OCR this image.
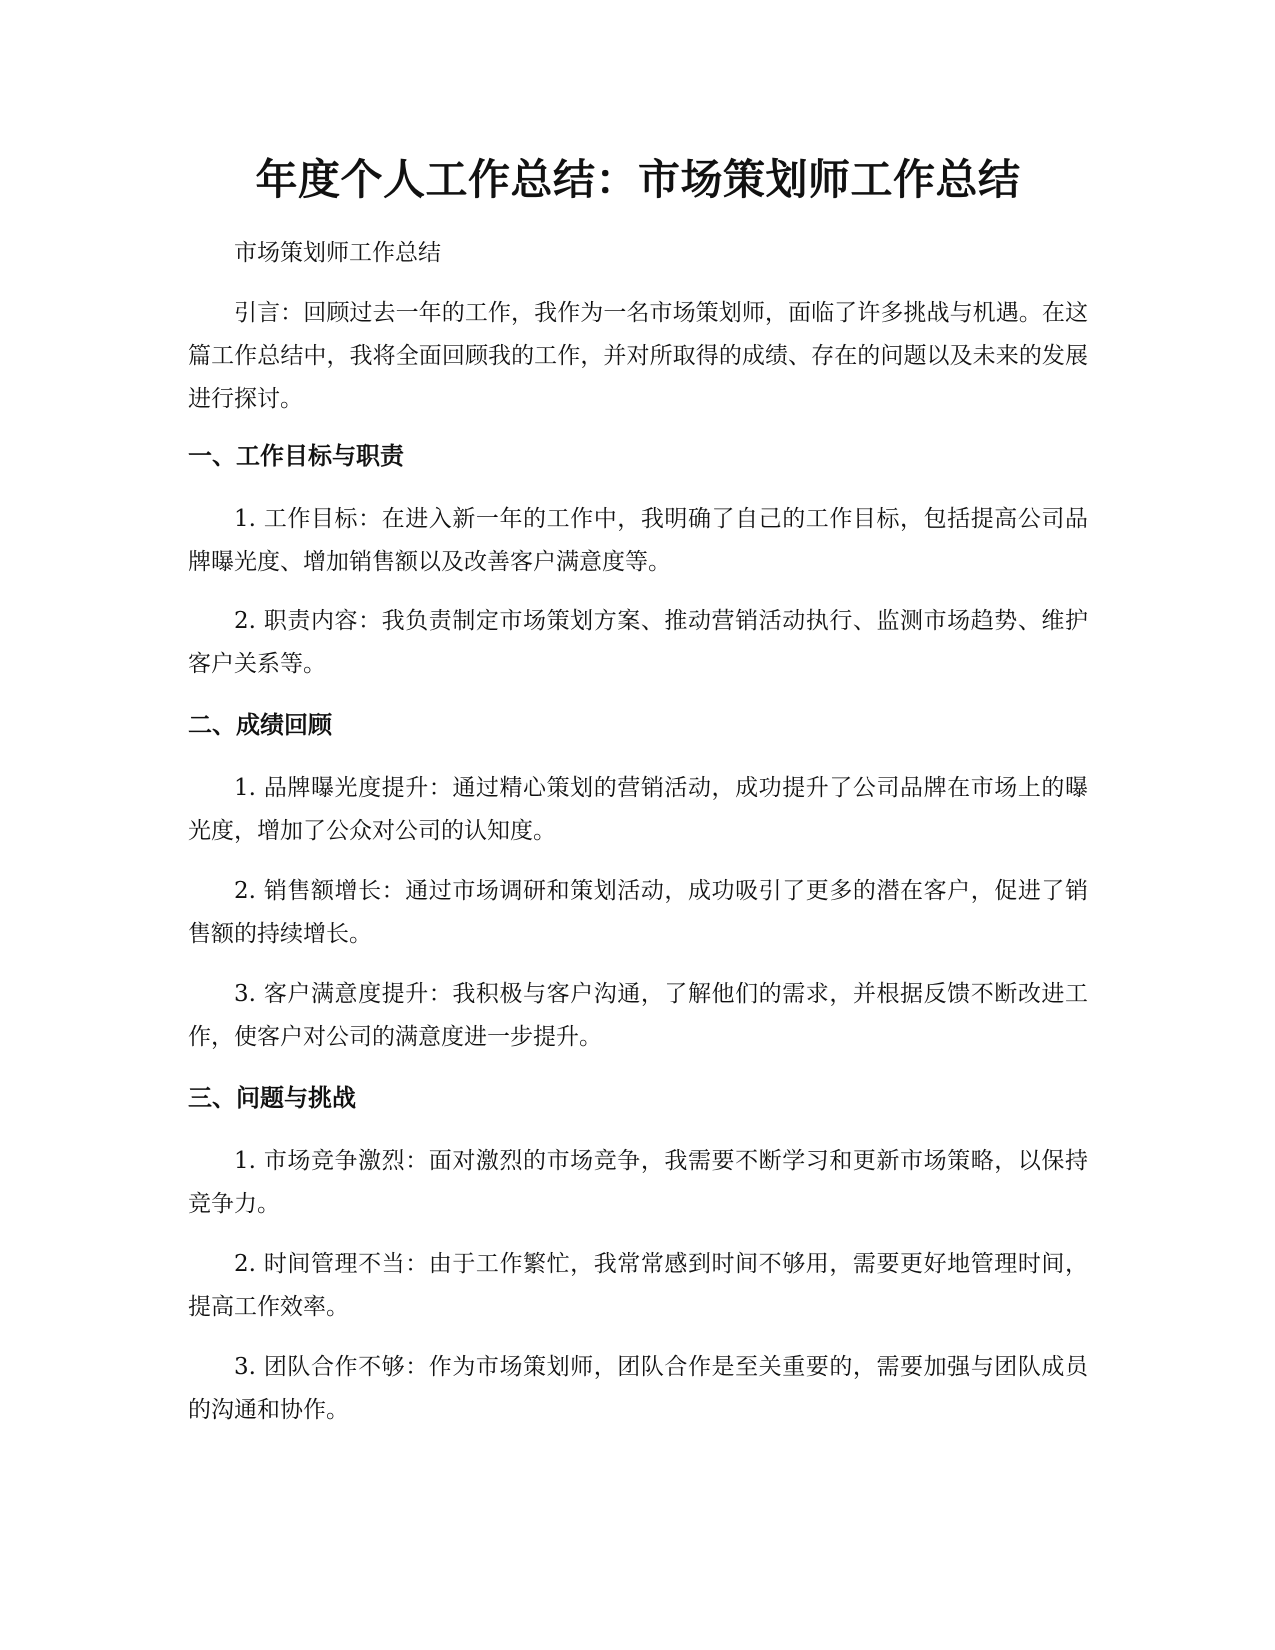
年度个人工作总结：市场策划师工作总结

市场策划师工作总结

引言：回顾过去一年的工作，我作为一名市场策划师，面临了许多挑战与机遇。在这篇工作总结中，我将全面回顾我的工作，并对所取得的成绩、存在的问题以及未来的发展进行探讨。

一、工作目标与职责

1. 工作目标：在进入新一年的工作中，我明确了自己的工作目标，包括提高公司品牌曝光度、增加销售额以及改善客户满意度等。

2. 职责内容：我负责制定市场策划方案、推动营销活动执行、监测市场趋势、维护客户关系等。

二、成绩回顾

1. 品牌曝光度提升：通过精心策划的营销活动，成功提升了公司品牌在市场上的曝光度，增加了公众对公司的认知度。

2. 销售额增长：通过市场调研和策划活动，成功吸引了更多的潜在客户，促进了销售额的持续增长。

3. 客户满意度提升：我积极与客户沟通，了解他们的需求，并根据反馈不断改进工作，使客户对公司的满意度进一步提升。

三、问题与挑战

1. 市场竞争激烈：面对激烈的市场竞争，我需要不断学习和更新市场策略，以保持竞争力。

2. 时间管理不当：由于工作繁忙，我常常感到时间不够用，需要更好地管理时间，提高工作效率。

3. 团队合作不够：作为市场策划师，团队合作是至关重要的，需要加强与团队成员的沟通和协作。
